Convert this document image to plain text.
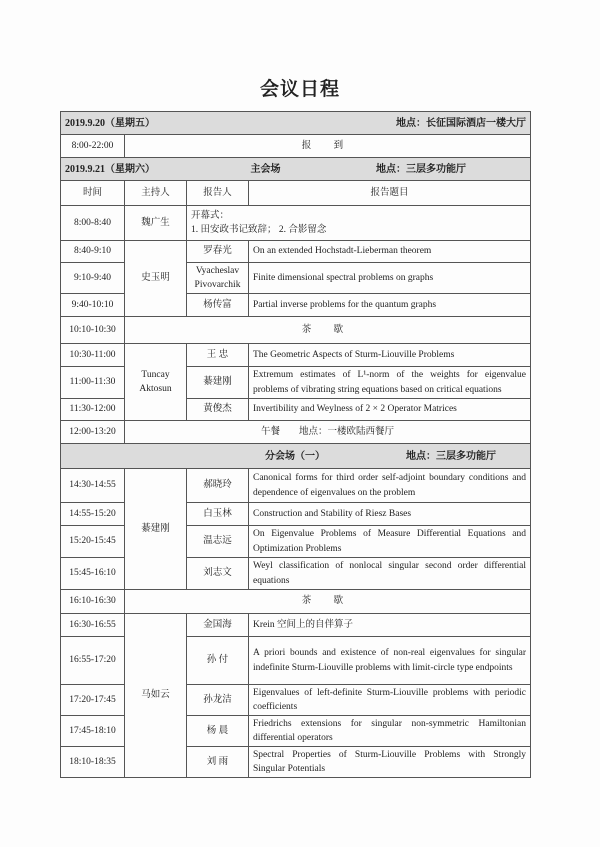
会议日程
2019.9.20（星期五） 地点：长征国际酒店一楼大厅			

8:00-22:00	报 到		

2019.9.21（星期六） 主会场 地点：三层多功能厅			

时间	主持人	报告人	报告题目
8:00-8:40	魏广生	开幕式：
1. 田安政书记致辞； 2. 合影留念	

8:40-9:10	史玉明	罗春光	On an extended Hochstadt-Lieberman theorem
9:10-9:40		Vyacheslav Pivovarchik	Finite dimensional spectral problems on graphs
9:40-10:10		杨传富	Partial inverse problems for the quantum graphs
10:10-10:30	茶 歇		
10:30-11:00	Tuncay Aktosun	王 忠	The Geometric Aspects of Sturm-Liouville Problems
11:00-11:30		綦建刚	Extremum estimates of L¹-norm of the weights for eigenvalue problems of vibrating string equations based on critical equations
11:30-12:00		黄俊杰	Invertibility and Weylness of 2 × 2 Operator Matrices
12:00-13:20	午餐　　地点：一楼欧陆西餐厅		

分会场（一） 地点：三层多功能厅			

14:30-14:55	綦建刚	郝晓玲	Canonical forms for third order self-adjoint boundary conditions and dependence of eigenvalues on the problem
14:55-15:20		白玉林	Construction and Stability of Riesz Bases
15:20-15:45		温志远	On Eigenvalue Problems of Measure Differential Equations and Optimization Problems
15:45-16:10		刘志文	Weyl classification of nonlocal singular second order differential equations
16:10-16:30	茶 歇		
16:30-16:55	马如云	金国海	Krein 空间上的自伴算子
16:55-17:20		孙 付	A priori bounds and existence of non-real eigenvalues for singular indefinite Sturm-Liouville problems with limit-circle type endpoints
17:20-17:45		孙龙洁	Eigenvalues of left-definite Sturm-Liouville problems with periodic coefficients
17:45-18:10		杨 晨	Friedrichs extensions for singular non-symmetric Hamiltonian differential operators
18:10-18:35		刘 雨	Spectral Properties of Sturm-Liouville Problems with Strongly Singular Potentials
